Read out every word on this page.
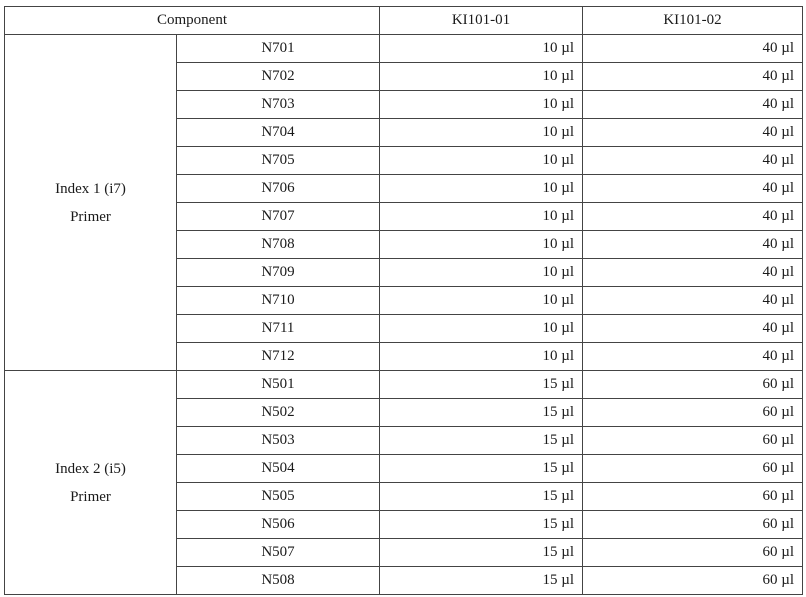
Component		KI101-01	KI101-02

Index 1 (i7)
Primer	N701	10 µl	40 µl
	N702	10 µl	40 µl
	N703	10 µl	40 µl
	N704	10 µl	40 µl
	N705	10 µl	40 µl
	N706	10 µl	40 µl
	N707	10 µl	40 µl
	N708	10 µl	40 µl
	N709	10 µl	40 µl
	N710	10 µl	40 µl
	N711	10 µl	40 µl
	N712	10 µl	40 µl

Index 2 (i5)
Primer	N501	15 µl	60 µl
	N502	15 µl	60 µl
	N503	15 µl	60 µl
	N504	15 µl	60 µl
	N505	15 µl	60 µl
	N506	15 µl	60 µl
	N507	15 µl	60 µl
	N508	15 µl	60 µl
